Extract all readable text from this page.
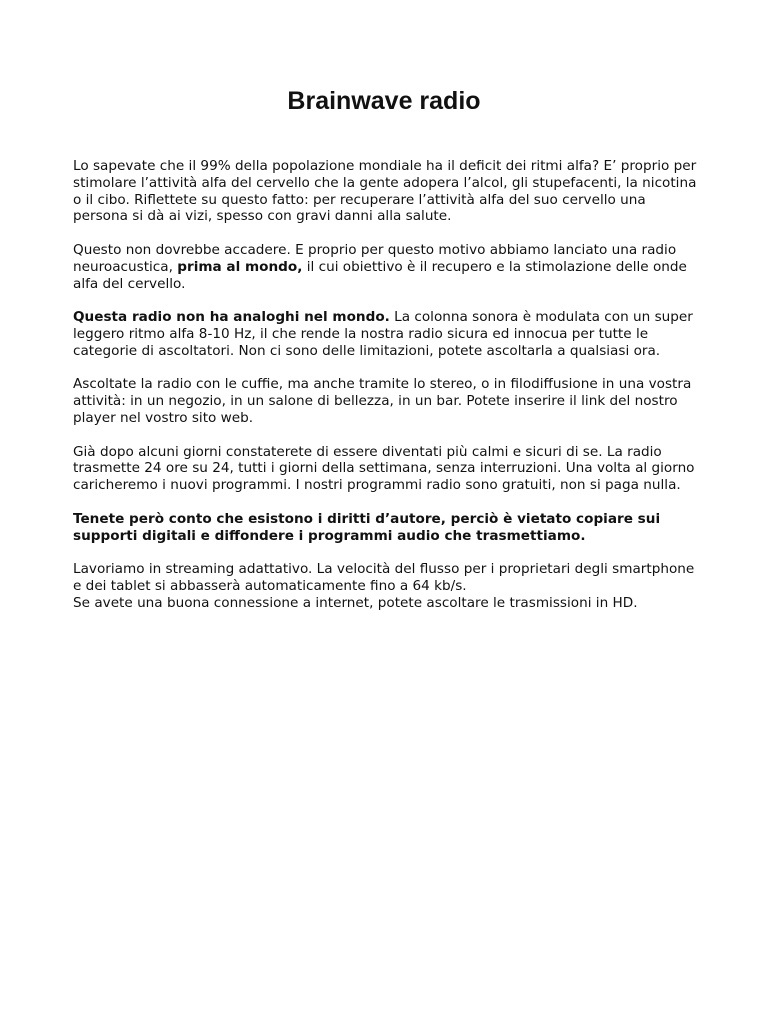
Brainwave radio

Lo sapevate che il 99% della popolazione mondiale ha il deficit dei ritmi alfa? E’ proprio per stimolare l’attività alfa del cervello che la gente adopera l’alcol, gli stupefacenti, la nicotina o il cibo. Riflettete su questo fatto: per recuperare l’attività alfa del suo cervello una persona si dà ai vizi, spesso con gravi danni alla salute.

Questo non dovrebbe accadere. E proprio per questo motivo abbiamo lanciato una radio neuroacustica, prima al mondo, il cui obiettivo è il recupero e la stimolazione delle onde alfa del cervello.

Questa radio non ha analoghi nel mondo. La colonna sonora è modulata con un super leggero ritmo alfa 8-10 Hz, il che rende la nostra radio sicura ed innocua per tutte le categorie di ascoltatori. Non ci sono delle limitazioni, potete ascoltarla a qualsiasi ora.

Ascoltate la radio con le cuffie, ma anche tramite lo stereo, o in filodiffusione in una vostra attività: in un negozio, in un salone di bellezza, in un bar. Potete inserire il link del nostro player nel vostro sito web.

Già dopo alcuni giorni constaterete di essere diventati più calmi e sicuri di se. La radio trasmette 24 ore su 24, tutti i giorni della settimana, senza interruzioni. Una volta al giorno caricheremo i nuovi programmi. I nostri programmi radio sono gratuiti, non si paga nulla.

Tenete però conto che esistono i diritti d’autore, perciò è vietato copiare sui supporti digitali e diffondere i programmi audio che trasmettiamo.

Lavoriamo in streaming adattativo. La velocità del flusso per i proprietari degli smartphone e dei tablet si abbasserà automaticamente fino a 64 kb/s.
Se avete una buona connessione a internet, potete ascoltare le trasmissioni in HD.
